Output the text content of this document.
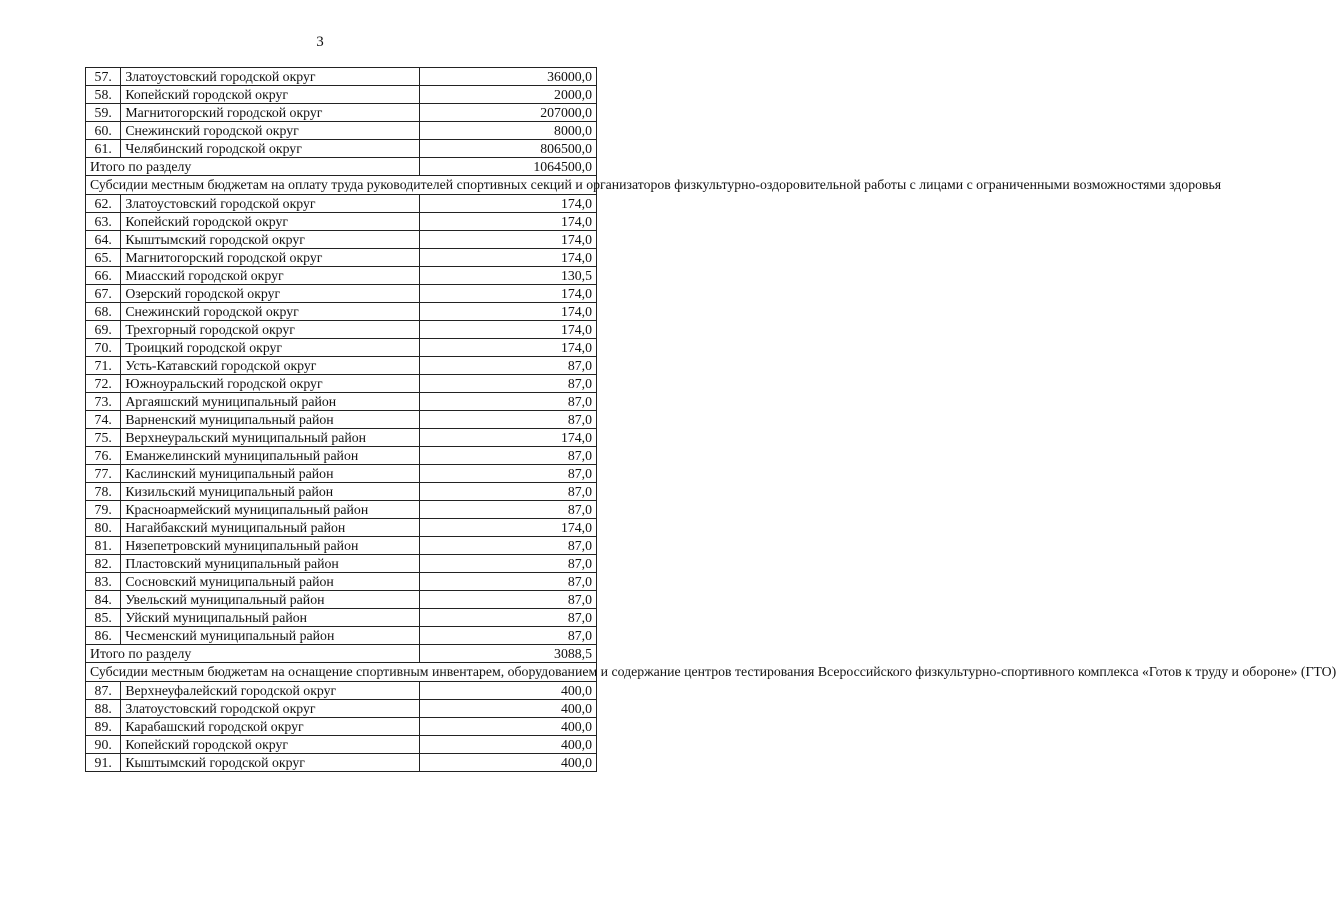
3
57.	Златоустовский городской округ	36000,0
58.	Копейский городской округ	2000,0
59.	Магнитогорский городской округ	207000,0
60.	Снежинский городской округ	8000,0
61.	Челябинский городской округ	806500,0
Итого по разделу		1064500,0
Субсидии местным бюджетам на оплату труда руководителей спортивных секций и организаторов физкультурно-оздоровительной работы с лицами с ограниченными возможностями здоровья		
62.	Златоустовский городской округ	174,0
63.	Копейский городской округ	174,0
64.	Кыштымский городской округ	174,0
65.	Магнитогорский городской округ	174,0
66.	Миасский городской округ	130,5
67.	Озерский городской округ	174,0
68.	Снежинский городской округ	174,0
69.	Трехгорный городской округ	174,0
70.	Троицкий городской округ	174,0
71.	Усть-Катавский городской округ	87,0
72.	Южноуральский городской округ	87,0
73.	Аргаяшский муниципальный район	87,0
74.	Варненский муниципальный район	87,0
75.	Верхнеуральский муниципальный район	174,0
76.	Еманжелинский муниципальный район	87,0
77.	Каслинский муниципальный район	87,0
78.	Кизильский муниципальный район	87,0
79.	Красноармейский муниципальный район	87,0
80.	Нагайбакский муниципальный район	174,0
81.	Нязепетровский муниципальный район	87,0
82.	Пластовский муниципальный район	87,0
83.	Сосновский муниципальный район	87,0
84.	Увельский муниципальный район	87,0
85.	Уйский муниципальный район	87,0
86.	Чесменский муниципальный район	87,0
Итого по разделу		3088,5
Субсидии местным бюджетам на оснащение спортивным инвентарем, оборудованием и содержание центров тестирования Всероссийского физкультурно-спортивного комплекса «Готов к труду и обороне» (ГТО)		
87.	Верхнеуфалейский городской округ	400,0
88.	Златоустовский городской округ	400,0
89.	Карабашский городской округ	400,0
90.	Копейский городской округ	400,0
91.	Кыштымский городской округ	400,0
